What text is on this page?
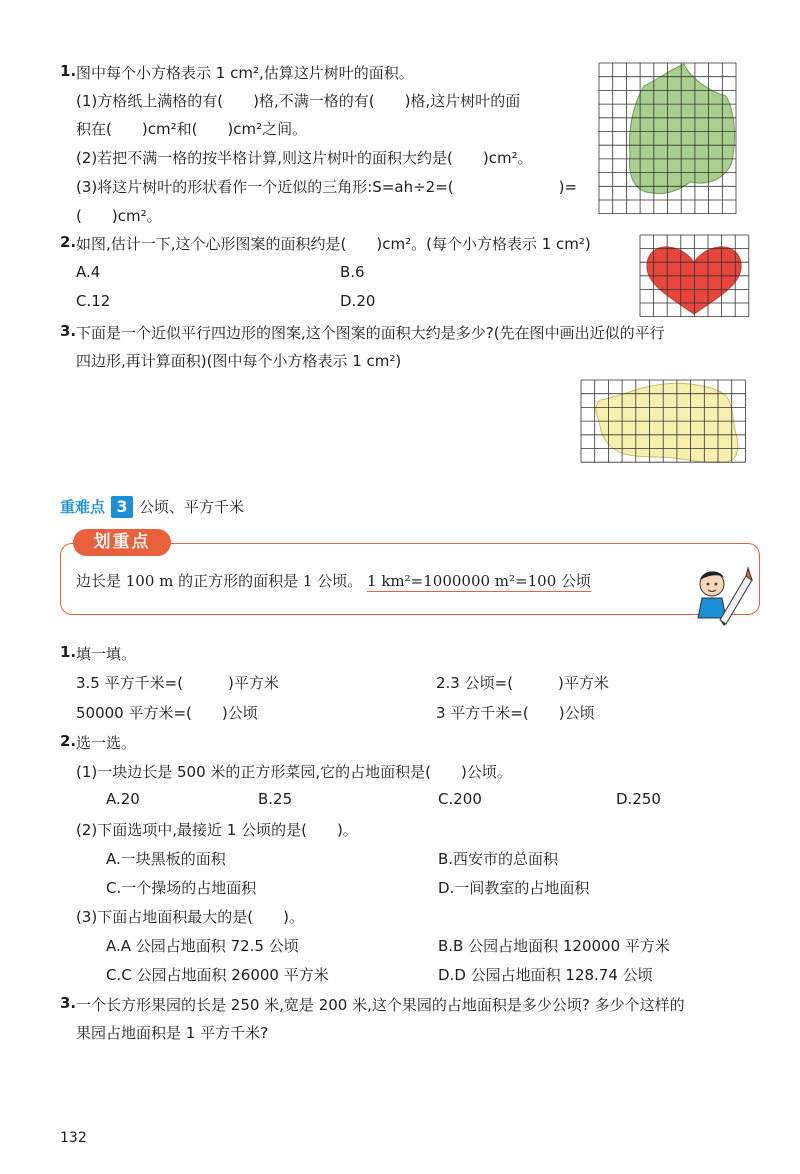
1. 图中每个小方格表示 1 cm²,估算这片树叶的面积。
(1)方格纸上满格的有(　　)格,不满一格的有(　　)格,这片树叶的面
积在(　　)cm²和(　　)cm²之间。
(2)若把不满一格的按半格计算,则这片树叶的面积大约是(　　)cm²。
(3)将这片树叶的形状看作一个近似的三角形:S=ah÷2=(　　　　　　　)=
(　　)cm²。
2. 如图,估计一下,这个心形图案的面积约是(　　)cm²。(每个小方格表示 1 cm²)
A.4	B.6
C.12	D.20
3. 下面是一个近似平行四边形的图案,这个图案的面积大约是多少?(先在图中画出近似的平行
四边形,再计算面积)(图中每个小方格表示 1 cm²)
重难点 3 公顷、平方千米
划重点
边长是 100 m 的正方形的面积是 1 公顷。 1 km²=1000000 m²=100 公顷
1. 填一填。
3.5 平方千米=(　　　)平方米	2.3 公顷=(　　　)平方米
50000 平方米=(　　)公顷	3 平方千米=(　　)公顷
2. 选一选。
(1)一块边长是 500 米的正方形菜园,它的占地面积是(　　)公顷。
A.20	B.25	C.200	D.250
(2)下面选项中,最接近 1 公顷的是(　　)。
A.一块黑板的面积	B.西安市的总面积
C.一个操场的占地面积	D.一间教室的占地面积
(3)下面占地面积最大的是(　　)。
A.A 公园占地面积 72.5 公顷	B.B 公园占地面积 120000 平方米
C.C 公园占地面积 26000 平方米	D.D 公园占地面积 128.74 公顷
3. 一个长方形果园的长是 250 米,宽是 200 米,这个果园的占地面积是多少公顷? 多少个这样的
果园占地面积是 1 平方千米?
132
